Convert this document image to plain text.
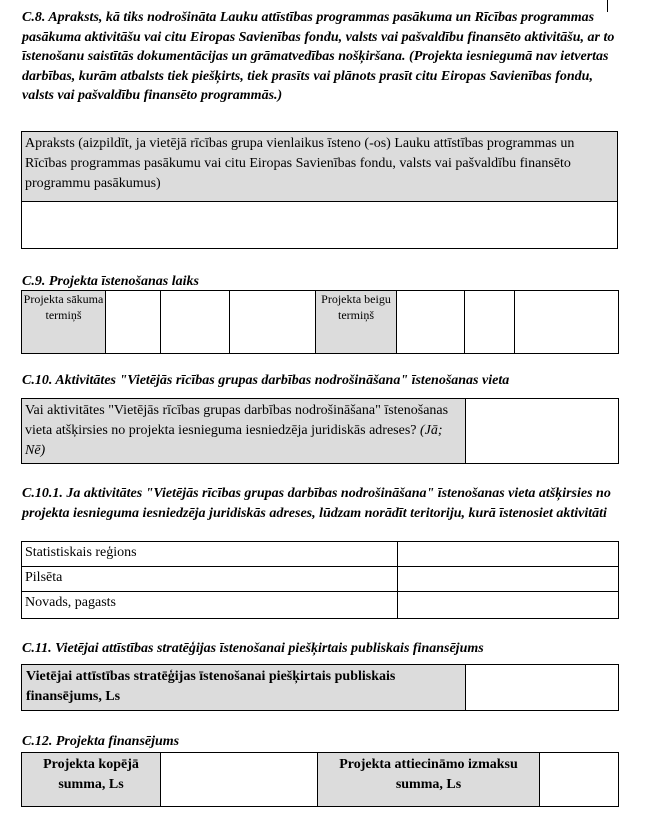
C.8. Apraksts, kā tiks nodrošināta Lauku attīstības programmas pasākuma un Rīcības programmas pasākuma aktivitāšu vai citu Eiropas Savienības fondu, valsts vai pašvaldību finansēto aktivitāšu, ar to īstenošanu saistītās dokumentācijas un grāmatvedības nošķiršana. (Projekta iesniegumā nav ietvertas darbības, kurām atbalsts tiek piešķirts, tiek prasīts vai plānots prasīt citu Eiropas Savienības fondu, valsts vai pašvaldību finansēto programmās.)

Apraksts (aizpildīt, ja vietējā rīcības grupa vienlaikus īsteno (-os) Lauku attīstības programmas un Rīcības programmas pasākumu vai citu Eiropas Savienības fondu, valsts vai pašvaldību finansēto programmu pasākumus)

C.9. Projekta īstenošanas laiks

Projekta sākuma termiņš				Projekta beigu termiņš			

C.10. Aktivitātes "Vietējās rīcības grupas darbības nodrošināšana" īstenošanas vieta

Vai aktivitātes "Vietējās rīcības grupas darbības nodrošināšana" īstenošanas vieta atšķirsies no projekta iesnieguma iesniedzēja juridiskās adreses? (Jā; Nē)	

C.10.1. Ja aktivitātes "Vietējās rīcības grupas darbības nodrošināšana" īstenošanas vieta atšķirsies no projekta iesnieguma iesniedzēja juridiskās adreses, lūdzam norādīt teritoriju, kurā īstenosiet aktivitāti

Statistiskais reģions	
Pilsēta	
Novads, pagasts	

C.11. Vietējai attīstības stratēģijas īstenošanai piešķirtais publiskais finansējums

Vietējai attīstības stratēģijas īstenošanai piešķirtais publiskais finansējums, Ls	

C.12. Projekta finansējums

Projekta kopējā summa, Ls		Projekta attiecināmo izmaksu summa, Ls	
